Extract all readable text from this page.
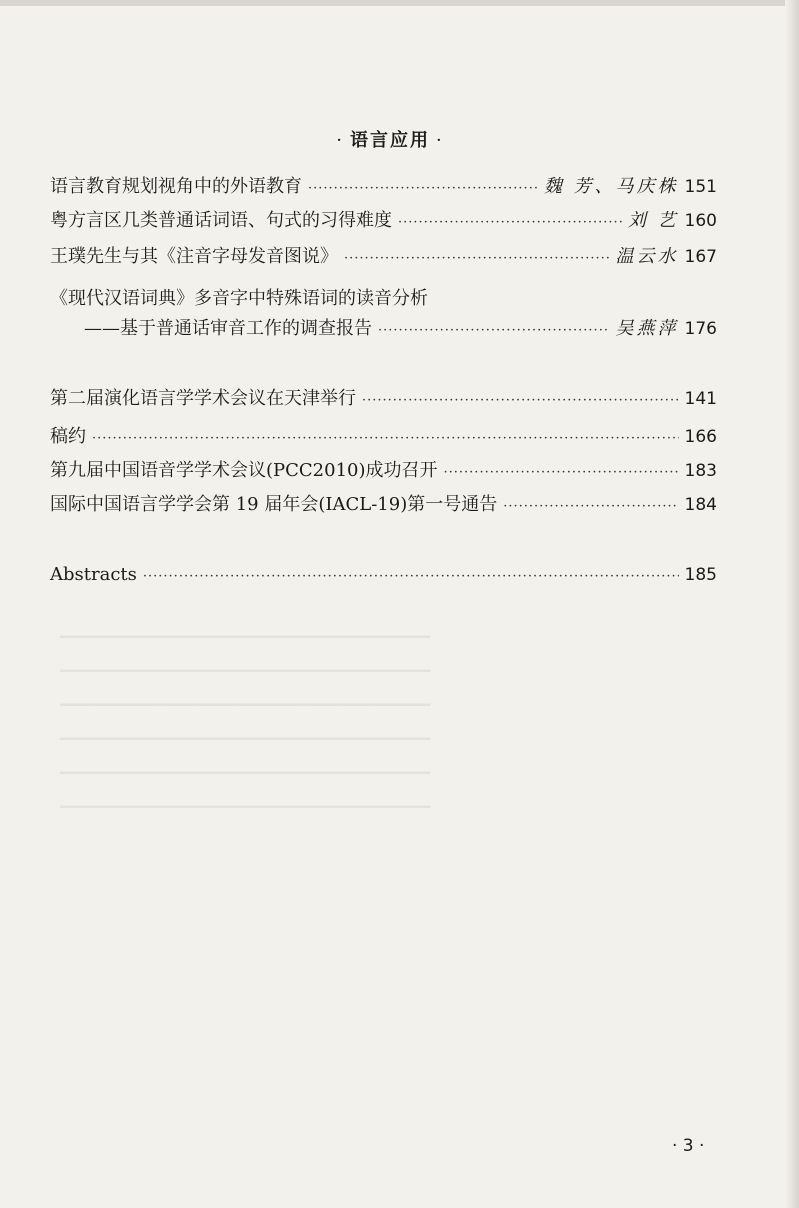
· 语言应用 ·
语言教育规划视角中的外语教育 ·····	魏 芳、马庆株 151
粤方言区几类普通话词语、句式的习得难度 ·····	刘 艺 160
王璞先生与其《注音字母发音图说》 ·····	温云水 167
《现代汉语词典》多音字中特殊语词的读音分析
——基于普通话审音工作的调查报告 ·····	吴燕萍 176
第二届演化语言学学术会议在天津举行 ·····	141
稿约 ·····	166
第九届中国语音学学术会议(PCC2010)成功召开 ·····	183
国际中国语言学学会第 19 届年会(IACL-19)第一号通告 ·····	184
Abstracts ·····	185
━━━━━━━━━━━━━━━━━━━━━━━━━━━━━━━━━━━━━━━━━
━━━━━━━━━━━━━━━━━━━━━━━━━━━━━━━━━━━━━━━━━
━━━━━━━━━━━━━━━━━━━━━━━━━━━━━━━━━━━━━━━━━
━━━━━━━━━━━━━━━━━━━━━━━━━━━━━━━━━━━━━━━━━
━━━━━━━━━━━━━━━━━━━━━━━━━━━━━━━━━━━━━━━━━
━━━━━━━━━━━━━━━━━━━━━━━━━━━━━━━━━━━━━━━━━
· 3 ·
